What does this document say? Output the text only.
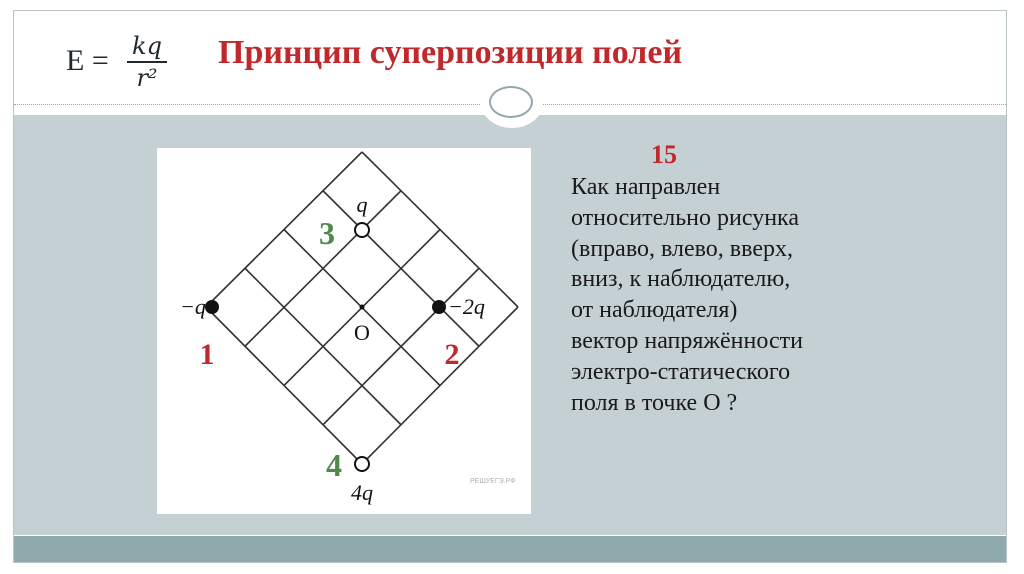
E = kq
r²
Принцип суперпозиции полей
q
−q	−2q
4q
O
3
1	2
4	РЕШУЕГЭ.РФ
15
Как направлен
относительно рисунка
(вправо, влево, вверх,
вниз, к наблюдателю,
от наблюдателя)
вектор напряжённости
электро-статического
поля в точке О ?
